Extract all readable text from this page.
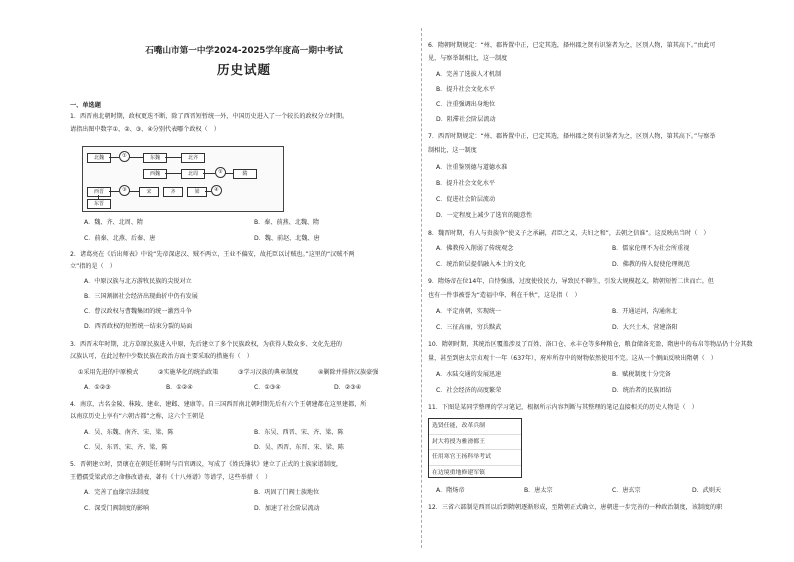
石嘴山市第一中学2024-2025学年度高一期中考试
历史试题
一、单选题
1．西晋南北朝时期，政权更迭不断，除了西晋短暂统一外，中国历史进入了一个较长的政权分立时期。
请指出图中数字①、②、③、④分别代表哪个政权（　）
北魏	①	东魏	北齐
西魏	北周	②	隋
西晋	③	宋	齐	梁	④
东晋
A．魏、齐、北周、隋	B．秦、前燕、北魏、隋
C．前秦、北燕、后秦、唐	D．魏、前赵、北魏、唐
2．诸葛亮在《后出师表》中说“先帝深虑汉、贼不两立，王业不偏安，故托臣以讨贼也。”这里的“汉贼不两
立”指的是（　）
A．中原汉族与北方游牧民族的尖锐对立
B．三国割据社会经济出现曲折中仍有发展
C．曹汉政权与曹魏集团的统一激烈斗争
D．西晋政权的短暂统一结束分裂的局面
3．西晋末年时期，北方草原民族进入中原，先后建立了多个民族政权，为获得人数众多、文化先进的
汉族认可，在此过程中少数民族在政治方面主要采取的措施有（　）
①采用先进的中原模式	②实施华化的统治政策	③学习汉族的典章制度	④剿除并排挤汉族豪强
A．①②③	B．①②④	C．①③④	D．②③④
4．南京，古名金陵、秣陵、建业、建邺、建康等。自三国西晋南北朝时期先后有六个王朝建都在这里建都，所
以南京历史上享有“六朝古都”之称，这六个王朝是
A．吴、东魏、南齐、宋、梁、陈	B．东吴、西晋、宋、齐、梁、陈
C．吴、东晋、宋、齐、梁、陈	D．吴、西晋、东晋、宋、梁、陈
5．晋朝建立时，贾瓌在在朝廷任职时与百官调议，写成了《姓氏簿状》建立了正式的士族家谱制度，
王僧孺受梁武帝之命修改谱表，著有《十八州谱》等谱学，这些举措（　）
A．完善了血缘宗法制度	B．巩固了门阀士族地位
C．深受门阀制度的影响	D．加速了社会阶层流动
6．隋朝时期规定：“州、郡皆置中正，已定其选，择州郡之贤有识鉴者为之，区别人物，第其高下。”由此可
见，与察举制相比，这一制度
A．完善了选拔人才机制
B．提升社会文化水平
C．注重强调出身地位
D．阻滞社会阶层流动
7．西晋时期规定：“州、郡皆置中正，已定其选，择州郡之贤有识鉴者为之，区别人物，第其高下。”与察举
制相比，这一制度
A．注重鉴别德与道德水准
B．提升社会文化水平
C．促进社会阶层流动
D．一定程度上减少了选官的随意性
8．魏晋时期，有人与贵族争“使义子之承嗣，君臣之义，夫妇之和”，去朝之信谁”。这反映出当时（　）
A．佛教传入削弱了传统观念	B．儒家伦理不为社会所重视
C．统治阶层提倡融入本土的文化	D．佛教的传入促使伦理规范
9．隋炀帝在位14年，自恃强盛，过度使役民力，导致民不聊生，引发大规模起义，隋朝短暂二世而亡。但
也有一件事被誉为“造福中华、利在千秋”，这是指（　）
A．平定南朝，实现统一	B．开通运河，沟通南北
C．三征高丽，穷兵黩武	D．大兴土木，营建洛阳
10．隋朝时期，其统治区覆盖涉及了百姓、洛口仓、永丰仓等多种粮仓，粮食储备充盈，隋唐中的布帛等物品仍十分其数
量，甚至到唐太宗贞观十一年（637年），府库所存中的财物依然使用不完。这从一个侧面反映出隋朝（　）
A．水陆交通的发展迅速	B．赋税制度十分完备
C．社会经济的高度繁荣	D．统治者的民族团结
11．下图是某同学整理的学习笔记，根据所示内容判断与其整理的笔记直接相关的历史人物是（　）
选贤任能，改革兵制
封大将授为雅滑都王
任用寒官王扬科举考试
在边境重地修建军镇
A．隋炀帝	B．唐太宗	C．唐玄宗	D．武则天
12．三省六部制是西晋以后到隋朝逐渐形成，至隋朝正式确立，唐朝进一步完善的一种政治制度，该制度的职
